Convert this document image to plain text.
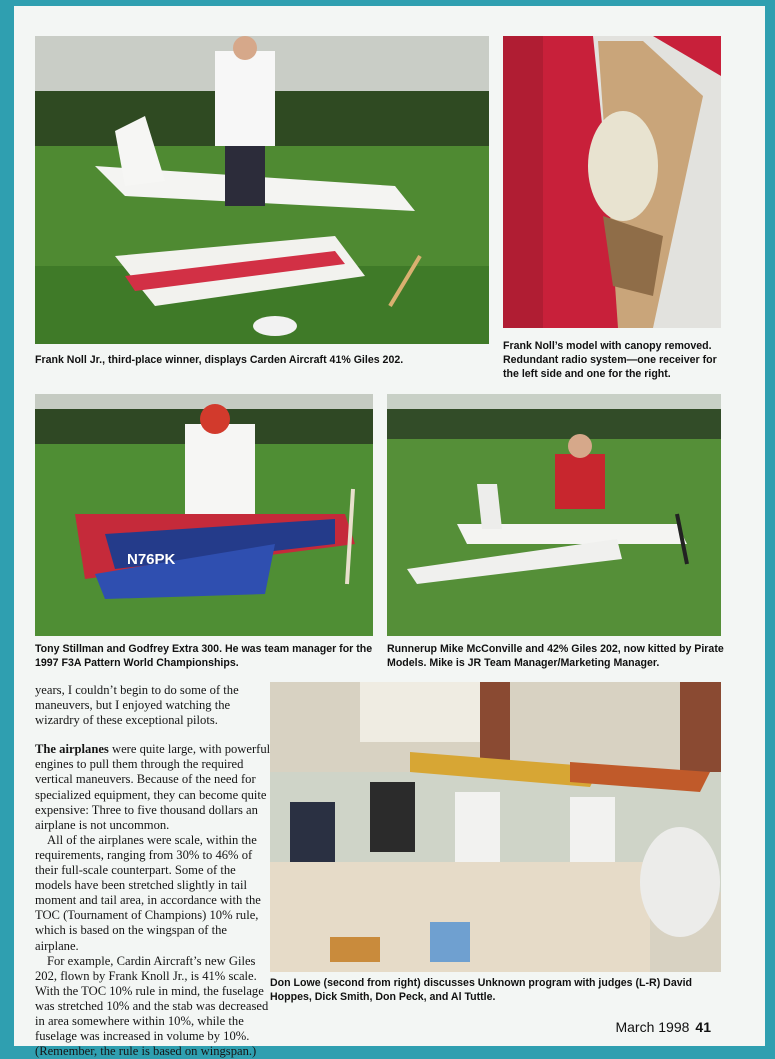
Frank Noll Jr., third-place winner, displays Carden Aircraft 41% Giles 202.

Frank Noll’s model with canopy removed. Redundant radio system—one receiver for the left side and one for the right.

N76PK

Tony Stillman and Godfrey Extra 300. He was team manager for the 1997 F3A Pattern World Championships.

Runnerup Mike McConville and 42% Giles 202, now kitted by Pirate Models. Mike is JR Team Manager/Marketing Manager.

years, I couldn’t begin to do some of the maneuvers, but I enjoyed watching the wizardry of these exceptional pilots.

The airplanes were quite large, with powerful engines to pull them through the required vertical maneuvers. Because of the need for specialized equipment, they can become quite expensive: Three to five thousand dollars an airplane is not uncommon.

All of the airplanes were scale, within the requirements, ranging from 30% to 46% of their full-scale counterpart. Some of the models have been stretched slightly in tail moment and tail area, in accordance with the TOC (Tournament of Champions) 10% rule, which is based on the wingspan of the airplane.

For example, Cardin Aircraft’s new Giles 202, flown by Frank Knoll Jr., is 41% scale. With the TOC 10% rule in mind, the fuselage was stretched 10% and the stab was decreased in area somewhere within 10%, while the fuselage was increased in volume by 10%. (Remember, the rule is based on wingspan.)

Don Lowe (second from right) discusses Unknown program with judges (L-R) David Hoppes, Dick Smith, Don Peck, and Al Tuttle.

March 1998 41
